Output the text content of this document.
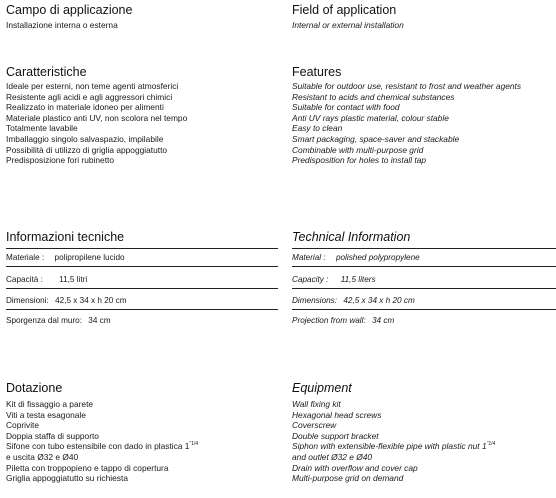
Campo di applicazione
Installazione interna o esterna
Caratteristiche
Ideale per esterni, non teme agenti atmosferici
Resistente agli acidi e agli aggressori chimici
Realizzato in materiale idoneo per alimenti
Materiale plastico anti UV, non scolora nel tempo
Totalmente lavabile
Imballaggio singolo salvaspazio, impilabile
Possibilità di utilizzo di griglia appoggiatutto
Predisposizione fori rubinetto
Informazioni tecniche
Materiale : polipropilene lucido
Capacità : 11,5 litri
Dimensioni: 42,5 x 34 x h 20 cm
Sporgenza dal muro: 34 cm
Dotazione
Kit di fissaggio a parete
Viti a testa esagonale
Coprivite
Doppia staffa di supporto
Sifone con tubo estensibile con dado in plastica $1^{"1/4}$
e uscita Ø32 e Ø40
Piletta con troppopieno e tappo di copertura
Griglia appoggiatutto su richiesta
Field of application
Internal or external installation
Features
Suitable for outdoor use, resistant to frost and weather agents
Resistant to acids and chemical substances
Suitable for contact with food
Anti UV rays plastic material, colour stable
Easy to clean
Smart packaging, space-saver and stackable
Combinable with multi-purpose grid
Predisposition for holes to install tap
Technical Information
Material : polished polypropylene
Capacity : 11,5 liters
Dimensions: 42,5 x 34 x h 20 cm
Projection from wall: 34 cm
Equipment
Wall fixing kit
Hexagonal head screws
Coverscrew
Double support bracket
Siphon with extensible-flexible pipe with plastic nut $1^{"1/4}$
and outlet Ø32 e Ø40
Drain with overflow and cover cap
Multi-purpose grid on demand
